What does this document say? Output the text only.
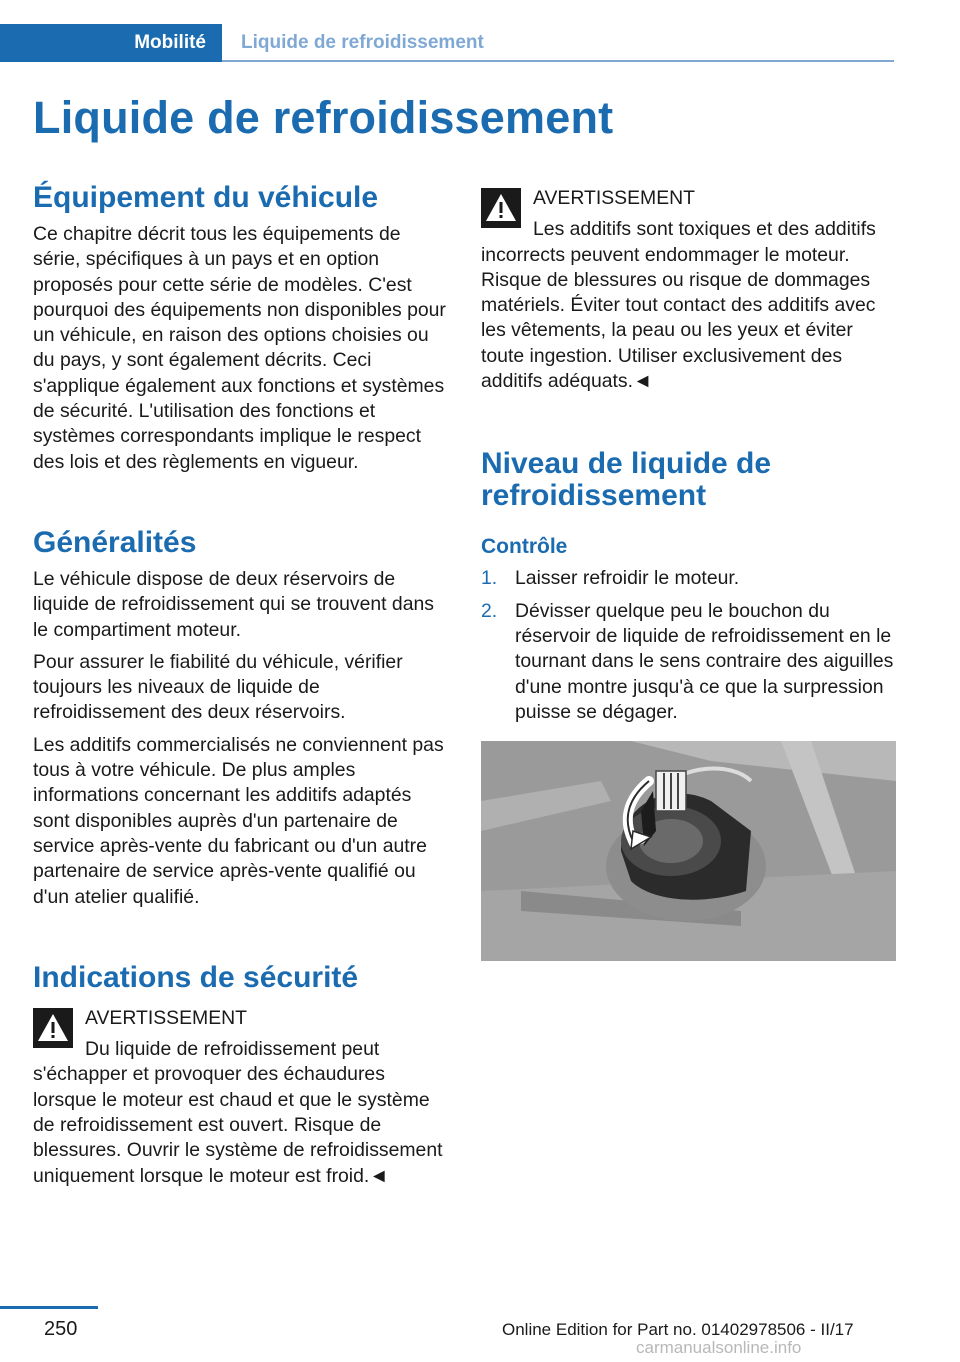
Mobilité	Liquide de refroidissement
Liquide de refroidissement
Équipement du véhicule

Ce chapitre décrit tous les équipements de série, spécifiques à un pays et en option proposés pour cette série de modèles. C'est pourquoi des équipements non disponibles pour un véhicule, en raison des options choisies ou du pays, y sont également décrits. Ceci s'applique également aux fonctions et systèmes de sécurité. L'utilisation des fonctions et systèmes correspondants implique le respect des lois et des règlements en vigueur.

Généralités

Le véhicule dispose de deux réservoirs de liquide de refroidissement qui se trouvent dans le compartiment moteur.

Pour assurer le fiabilité du véhicule, vérifier toujours les niveaux de liquide de refroidissement des deux réservoirs.

Les additifs commercialisés ne conviennent pas tous à votre véhicule. De plus amples informations concernant les additifs adaptés sont disponibles auprès d'un partenaire de service après-vente du fabricant ou d'un autre partenaire de service après-vente qualifié ou d'un atelier qualifié.

Indications de sécurité
AVERTISSEMENT

Du liquide de refroidissement peut s'échapper et provoquer des échaudures lorsque le moteur est chaud et que le système de refroidissement est ouvert. Risque de blessures. Ouvrir le système de refroidissement uniquement lorsque le moteur est froid.◄

AVERTISSEMENT

Les additifs sont toxiques et des additifs incorrects peuvent endommager le moteur. Risque de blessures ou risque de dommages matériels. Éviter tout contact des additifs avec les vêtements, la peau ou les yeux et éviter toute ingestion. Utiliser exclusivement des additifs adéquats.◄

Niveau de liquide de refroidissement
Contrôle
1. Laisser refroidir le moteur.
2. Dévisser quelque peu le bouchon du réservoir de liquide de refroidissement en le tournant dans le sens contraire des aiguilles d'une montre jusqu'à ce que la surpression puisse se dégager.
250	Online Edition for Part no. 01402978506 - II/17
carmanualsonline.info
